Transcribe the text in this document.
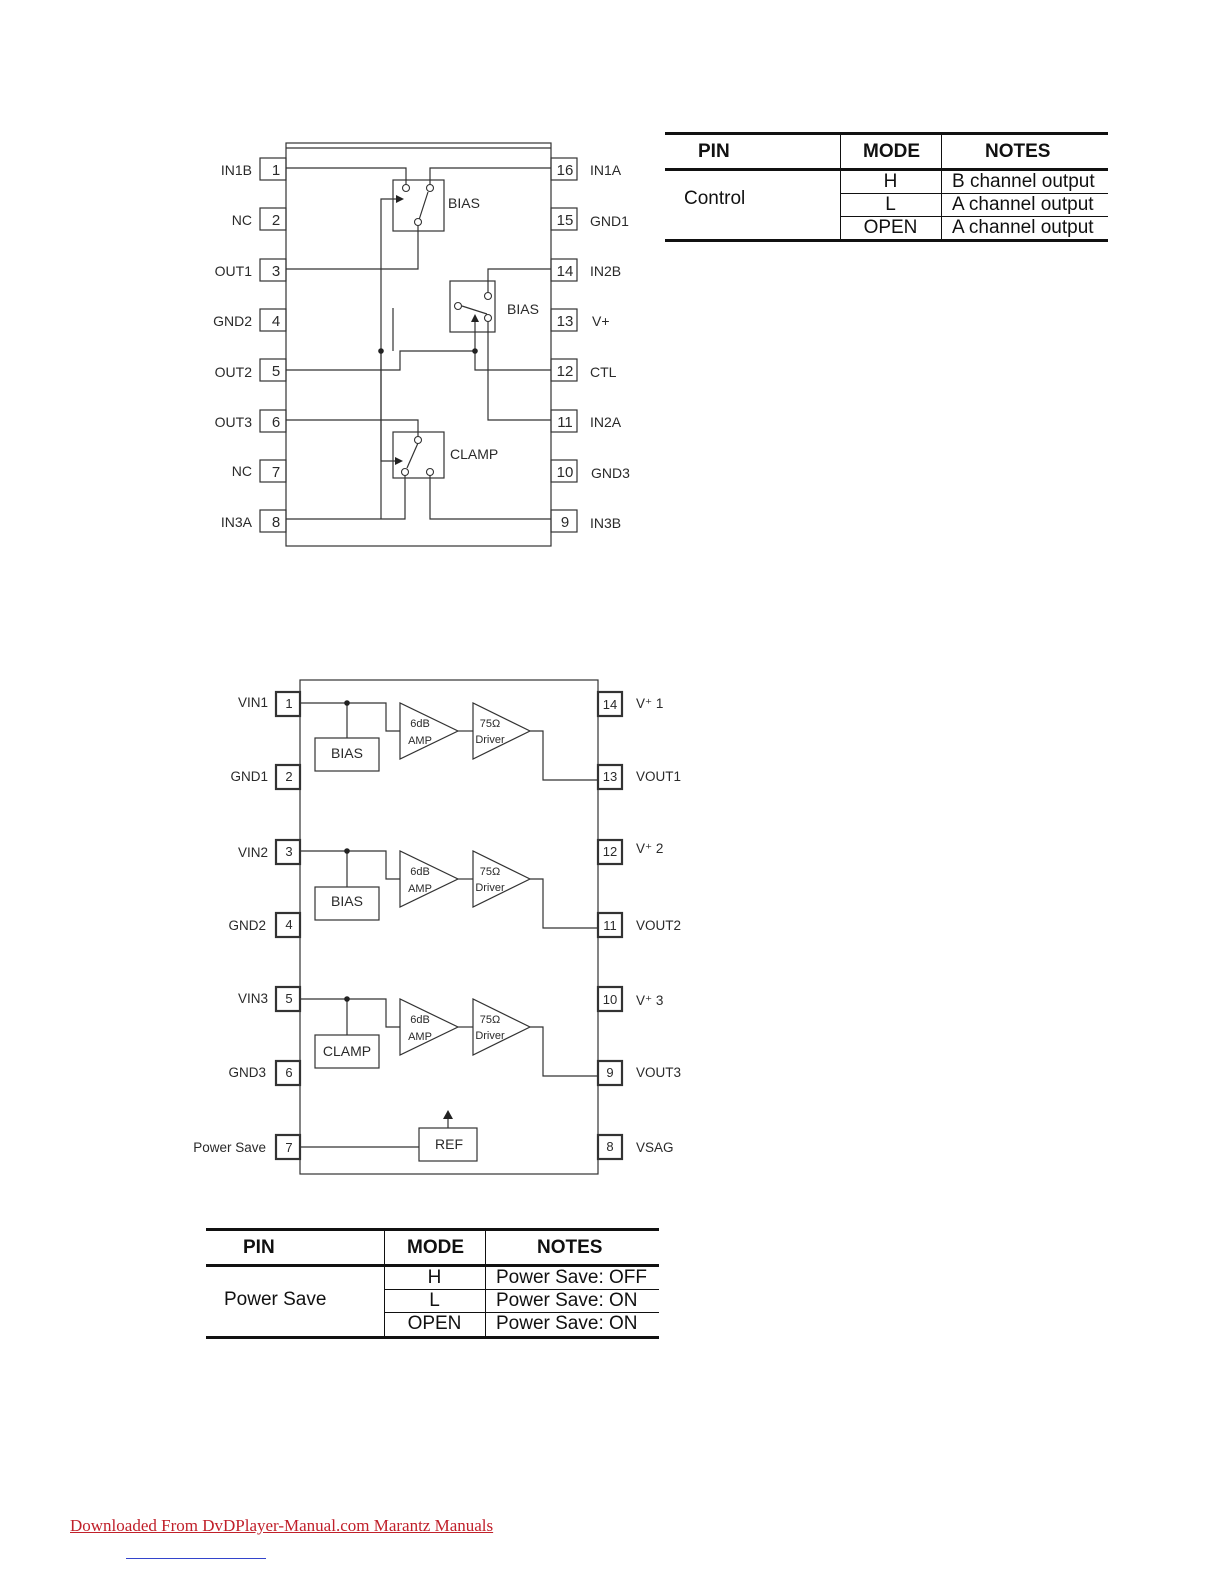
1
2
3
4
5
6
7
8
16
15
14
13
12
11
10
9
IN1B
NC
OUT1
GND2
OUT2
OUT3
NC
IN3A
IN1A
GND1
IN2B
V+
CTL
IN2A
GND3
IN3B
BIAS
BIAS
CLAMP
1
2
3
4
5
6
7
14
13
12
11
10
9
8
VIN1
GND1
VIN2
GND2
VIN3
GND3
Power Save
V⁺ 1
VOUT1
V⁺ 2
VOUT2
V⁺ 3
VOUT3
VSAG
BIAS
BIAS
CLAMP
REF
6dB
AMP
75Ω
Driver
6dB
AMP
75Ω
Driver
6dB
AMP
75Ω
Driver
PIN	MODE	NOTES
Control
H	B channel output
L	A channel output
OPEN	A channel output
PIN	MODE	NOTES
Power Save
H	Power Save: OFF
L	Power Save: ON
OPEN	Power Save: ON
Downloaded From DvDPlayer-Manual.com Marantz Manuals
